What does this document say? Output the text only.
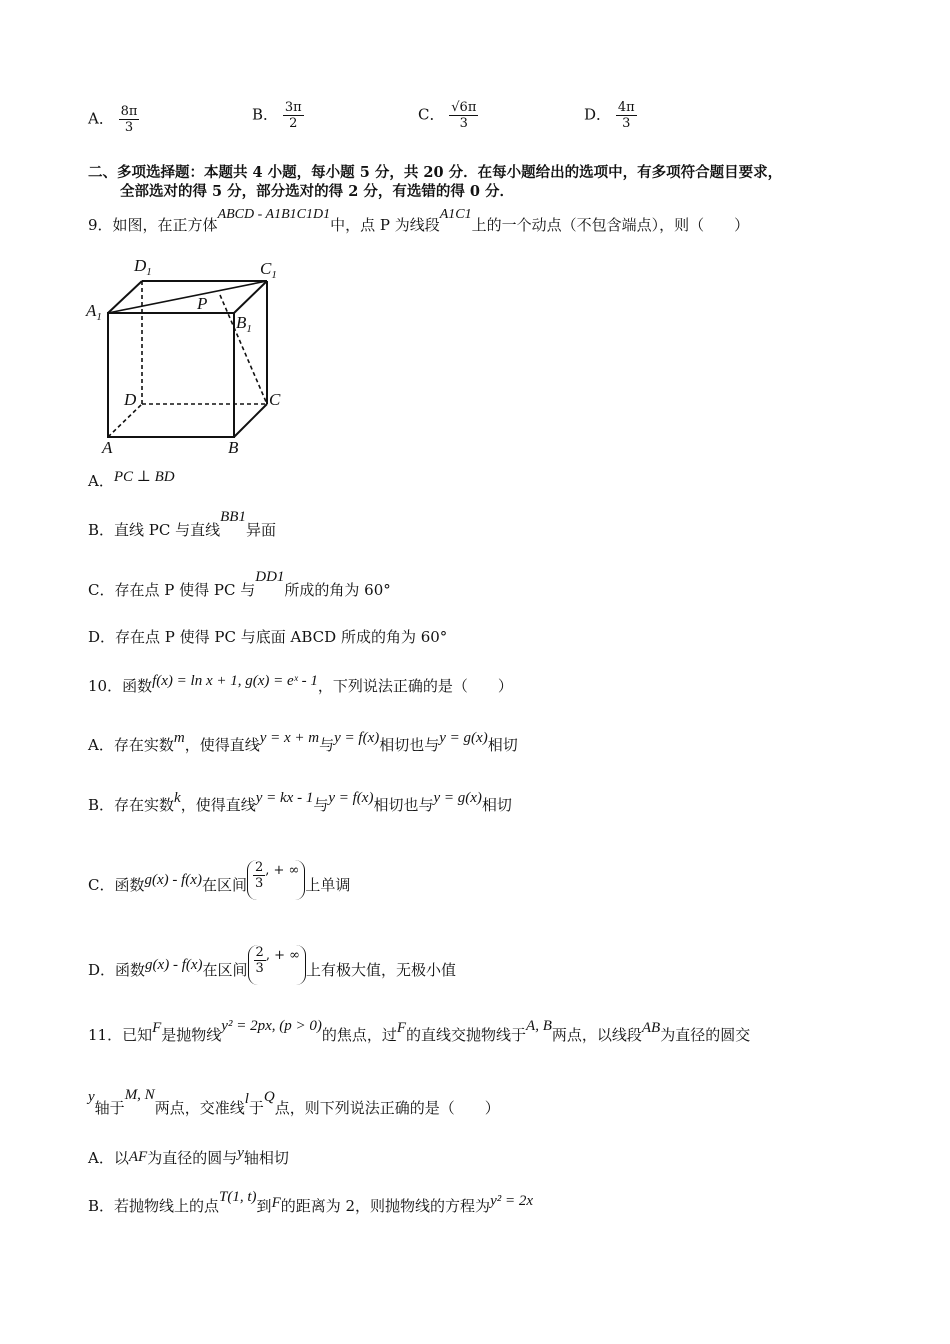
A． $\frac{8\pi}{3}$	B． $\frac{3\pi}{2}$	C． $\frac{√6\pi}{3}$	D． $\frac{4\pi}{3}$
二、多项选择题：本题共 4 小题，每小题 5 分，共 20 分．在每小题给出的选项中，有多项符合题目要求，
全部选对的得 5 分，部分选对的得 2 分，有选错的得 0 分．
9．如图，在正方体ABCD - A1B1C1D1中，点 P 为线段A1C1上的一个动点（不包含端点），则（　　）
$D_1$	$C_1$
$A_1$
P
$B_1$
D	C
A	B
A．PC ⊥ BD
B．直线 PC 与直线BB1异面
C．存在点 P 使得 PC 与DD1所成的角为 60°
D．存在点 P 使得 PC 与底面 ABCD 所成的角为 60°
10．函数f(x) = ln x + 1, g(x) = eˣ - 1，下列说法正确的是（　　）
A．存在实数m，使得直线y = x + m与y = f(x)相切也与y = g(x)相切
B．存在实数k，使得直线y = kx - 1与y = f(x)相切也与y = g(x)相切
C．函数g(x) - f(x)在区间 $\frac{2}{3}$ , + ∞上单调
D．函数g(x) - f(x)在区间 $\frac{2}{3}$ , + ∞上有极大值，无极小值
11．已知F是抛物线y² = 2px, (p > 0)的焦点，过F的直线交抛物线于A, B两点，以线段AB为直径的圆交
y轴于M, N两点，交准线l于Q点，则下列说法正确的是（　　）
A．以AF为直径的圆与y轴相切
B．若抛物线上的点T(1, t)到F的距离为 2，则抛物线的方程为y² = 2x
